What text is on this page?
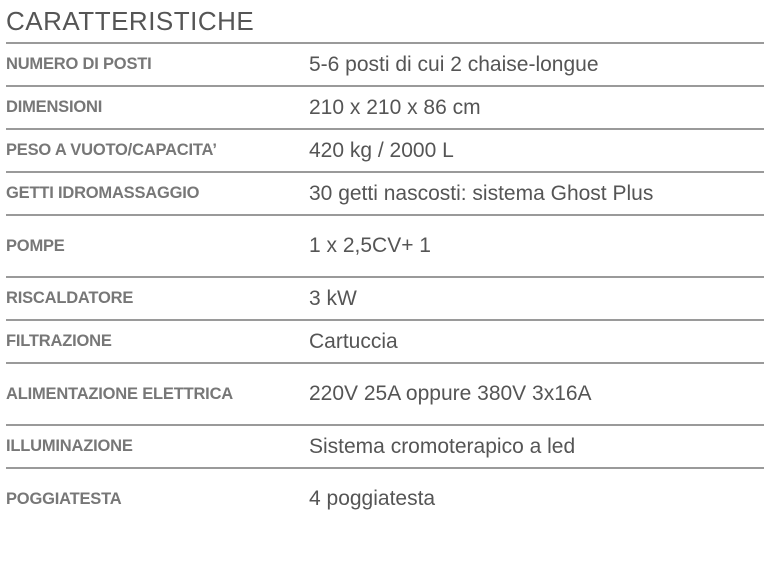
CARATTERISTICHE
NUMERO DI POSTI	5-6 posti di cui 2 chaise-longue
DIMENSIONI	210 x 210 x 86 cm
PESO A VUOTO/CAPACITA’	420 kg / 2000 L
GETTI IDROMASSAGGIO	30 getti nascosti: sistema Ghost Plus
POMPE	1 x 2,5CV+ 1
RISCALDATORE	3 kW
FILTRAZIONE	Cartuccia
ALIMENTAZIONE ELETTRICA	220V 25A oppure 380V 3x16A
ILLUMINAZIONE	Sistema cromoterapico a led
POGGIATESTA	4 poggiatesta
